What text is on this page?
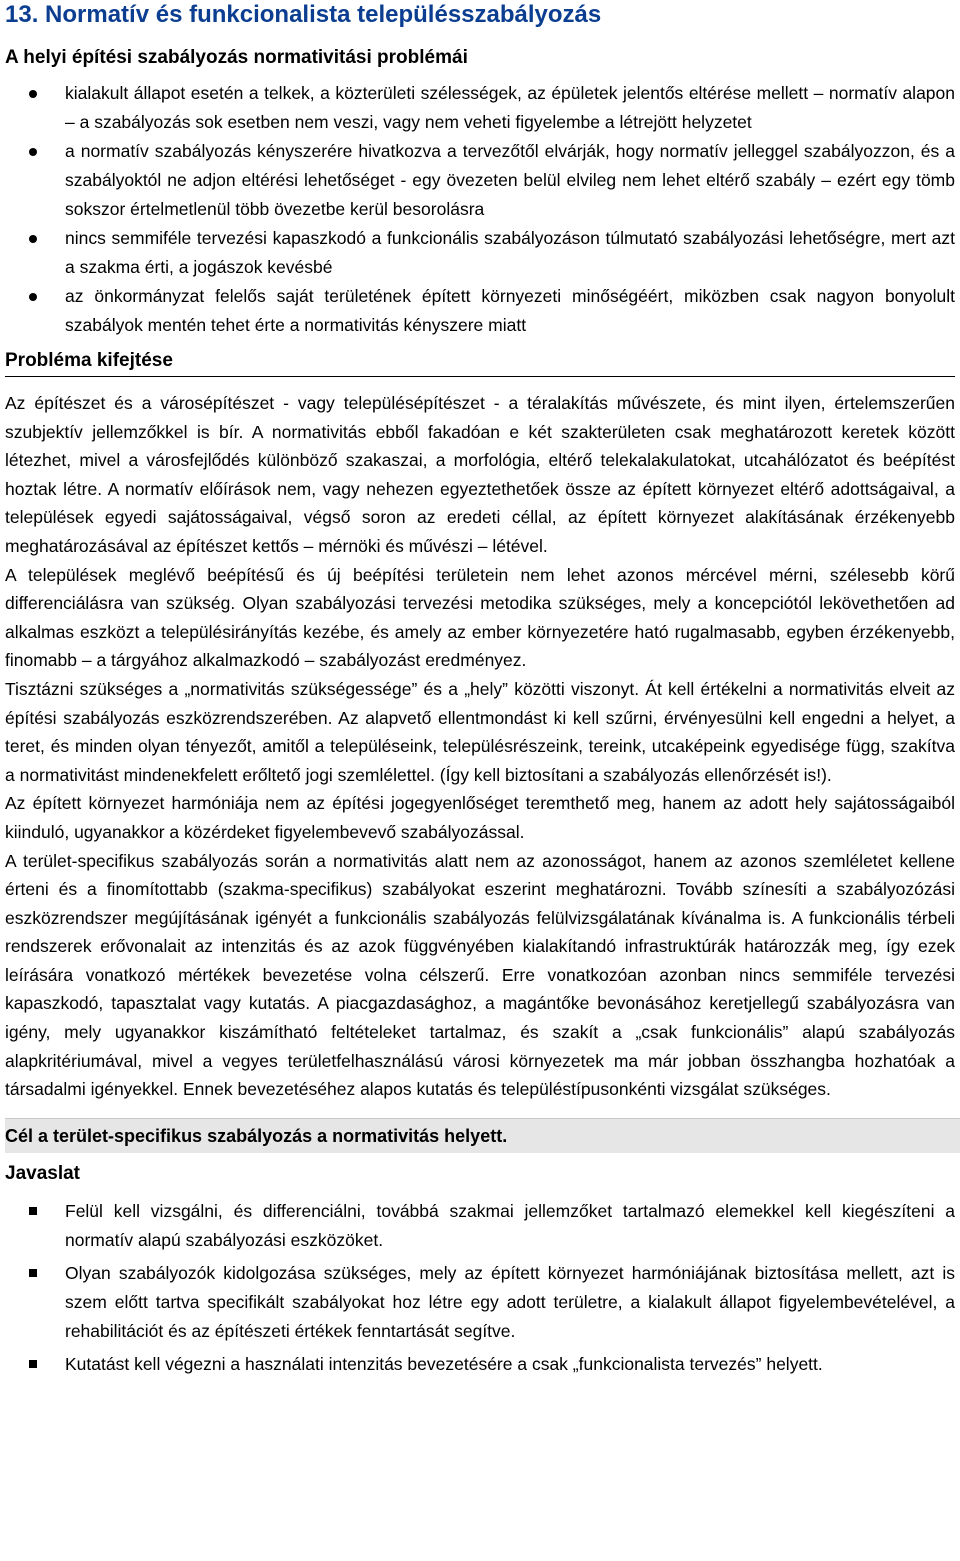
13. Normatív és funkcionalista településszabályozás
A helyi építési szabályozás normativitási problémái
kialakult állapot esetén a telkek, a közterületi szélességek, az épületek jelentős eltérése mellett – normatív alapon – a szabályozás sok esetben nem veszi, vagy nem veheti figyelembe a létrejött helyzetet
a normatív szabályozás kényszerére hivatkozva a tervezőtől elvárják, hogy normatív jelleggel szabályozzon, és a szabályoktól ne adjon eltérési lehetőséget - egy övezeten belül elvileg nem lehet eltérő szabály – ezért egy tömb sokszor értelmetlenül több övezetbe kerül besorolásra
nincs semmiféle tervezési kapaszkodó a funkcionális szabályozáson túlmutató szabályozási lehetőségre, mert azt a szakma érti, a jogászok kevésbé
az önkormányzat felelős saját területének épített környezeti minőségéért, miközben csak nagyon bonyolult szabályok mentén tehet érte a normativitás kényszere miatt
Probléma kifejtése

Az építészet és a városépítészet - vagy településépítészet - a téralakítás művészete, és mint ilyen, értelemszerűen szubjektív jellemzőkkel is bír. A normativitás ebből fakadóan e két szakterületen csak meghatározott keretek között létezhet, mivel a városfejlődés különböző szakaszai, a morfológia, eltérő telekalakulatokat, utcahálózatot és beépítést hoztak létre. A normatív előírások nem, vagy nehezen egyeztethetőek össze az épített környezet eltérő adottságaival, a települések egyedi sajátosságaival, végső soron az eredeti céllal, az épített környezet alakításának érzékenyebb meghatározásával az építészet kettős – mérnöki és művészi – létével.

A települések meglévő beépítésű és új beépítési területein nem lehet azonos mércével mérni, szélesebb körű differenciálásra van szükség. Olyan szabályozási tervezési metodika szükséges, mely a koncepciótól lekövethetően ad alkalmas eszközt a településirányítás kezébe, és amely az ember környezetére ható rugalmasabb, egyben érzékenyebb, finomabb – a tárgyához alkalmazkodó – szabályozást eredményez.

Tisztázni szükséges a „normativitás szükségessége” és a „hely” közötti viszonyt. Át kell értékelni a normativitás elveit az építési szabályozás eszközrendszerében. Az alapvető ellentmondást ki kell szűrni, érvényesülni kell engedni a helyet, a teret, és minden olyan tényezőt, amitől a településeink, településrészeink, tereink, utcaképeink egyedisége függ, szakítva a normativitást mindenekfelett erőltető jogi szemlélettel. (Így kell biztosítani a szabályozás ellenőrzését is!).

Az épített környezet harmóniája nem az építési jogegyenlőséget teremthető meg, hanem az adott hely sajátosságaiból kiinduló, ugyanakkor a közérdeket figyelembevevő szabályozással.

A terület-specifikus szabályozás során a normativitás alatt nem az azonosságot, hanem az azonos szemléletet kellene érteni és a finomítottabb (szakma-specifikus) szabályokat eszerint meghatározni. Tovább színesíti a szabályozózási eszközrendszer megújításának igényét a funkcionális szabályozás felülvizsgálatának kívánalma is. A funkcionális térbeli rendszerek erővonalait az intenzitás és az azok függvényében kialakítandó infrastruktúrák határozzák meg, így ezek leírására vonatkozó mértékek bevezetése volna célszerű. Erre vonatkozóan azonban nincs semmiféle tervezési kapaszkodó, tapasztalat vagy kutatás. A piacgazdasághoz, a magántőke bevonásához keretjellegű szabályozásra van igény, mely ugyanakkor kiszámítható feltételeket tartalmaz, és szakít a „csak funkcionális” alapú szabályozás alapkritériumával, mivel a vegyes területfelhasználású városi környezetek ma már jobban összhangba hozhatóak a társadalmi igényekkel. Ennek bevezetéséhez alapos kutatás és településtípusonkénti vizsgálat szükséges.

Cél a terület-specifikus szabályozás a normativitás helyett.
Javaslat
Felül kell vizsgálni, és differenciálni, továbbá szakmai jellemzőket tartalmazó elemekkel kell kiegészíteni a normatív alapú szabályozási eszközöket.
Olyan szabályozók kidolgozása szükséges, mely az épített környezet harmóniájának biztosítása mellett, azt is szem előtt tartva specifikált szabályokat hoz létre egy adott területre, a kialakult állapot figyelembevételével, a rehabilitációt és az építészeti értékek fenntartását segítve.
Kutatást kell végezni a használati intenzitás bevezetésére a csak „funkcionalista tervezés” helyett.
